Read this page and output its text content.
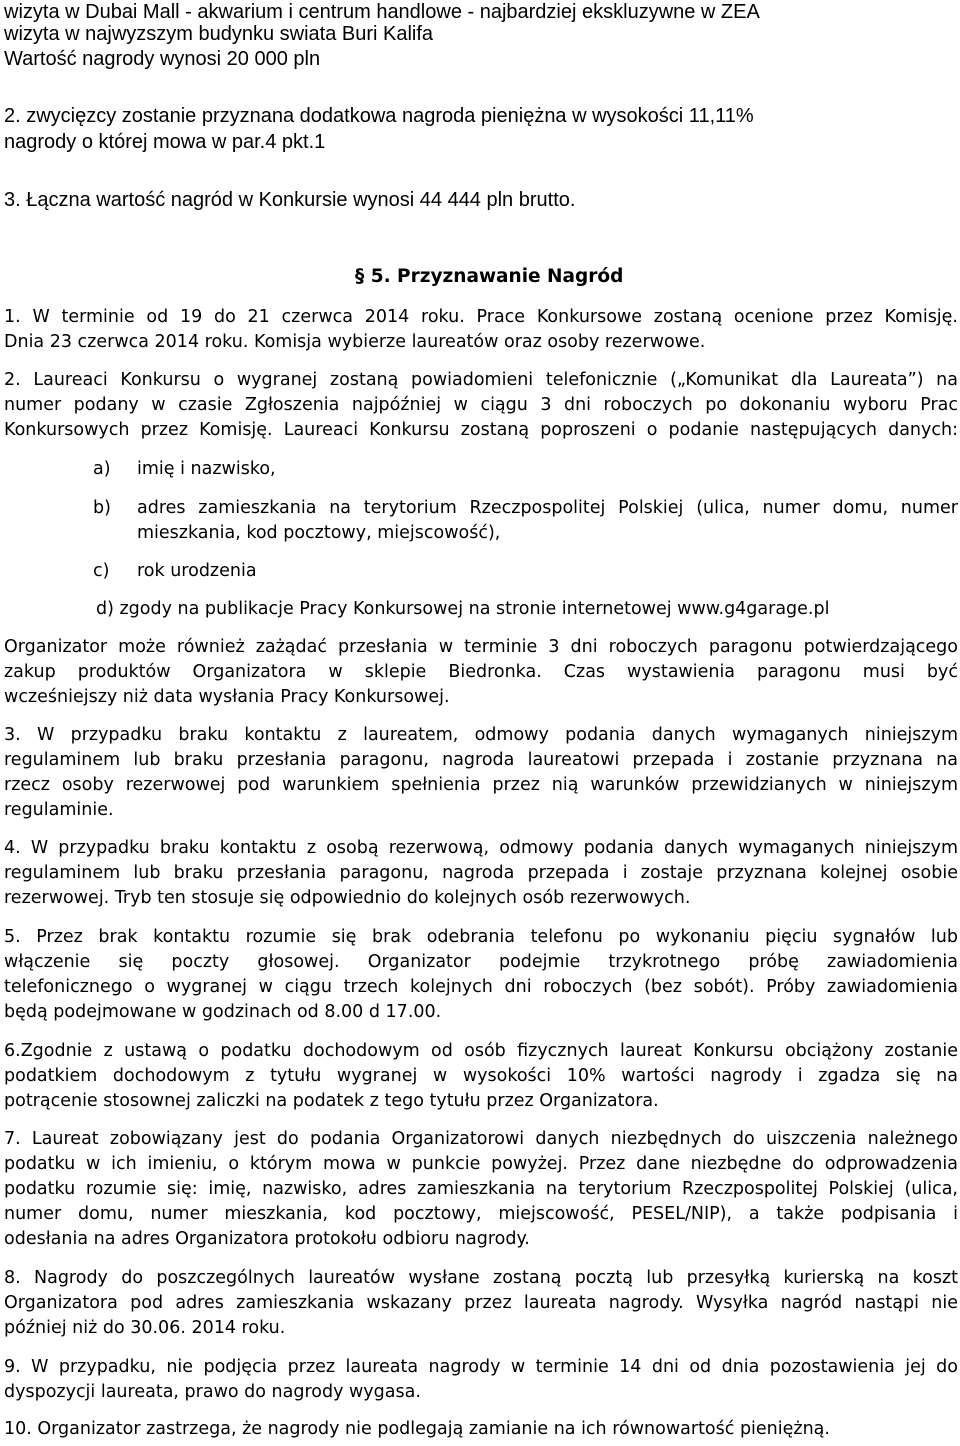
wizyta w Dubai Mall - akwarium i centrum handlowe - najbardziej ekskluzywne w ZEA
wizyta w najwyzszym budynku swiata Buri Kalifa
Wartość nagrody wynosi 20 000 pln
2. zwycięzcy zostanie przyznana dodatkowa nagroda pieniężna w wysokości 11,11%
nagrody o której mowa w par.4 pkt.1
3. Łączna wartość nagród w Konkursie wynosi 44 444 pln brutto.
§ 5. Przyznawanie Nagród
1. W terminie od 19 do 21 czerwca 2014 roku. Prace Konkursowe zostaną ocenione przez Komisję.
Dnia 23 czerwca 2014 roku. Komisja wybierze laureatów oraz osoby rezerwowe.
2. Laureaci Konkursu o wygranej zostaną powiadomieni telefonicznie („Komunikat dla Laureata”) na
numer podany w czasie Zgłoszenia najpóźniej w ciągu 3 dni roboczych po dokonaniu wyboru Prac
Konkursowych przez Komisję. Laureaci Konkursu zostaną poproszeni o podanie następujących danych:
a) imię i nazwisko,
b) adres zamieszkania na terytorium Rzeczpospolitej Polskiej (ulica, numer domu, numer
mieszkania, kod pocztowy, miejscowość),
c) rok urodzenia
d) zgody na publikacje Pracy Konkursowej na stronie internetowej www.g4garage.pl
Organizator może również zażądać przesłania w terminie 3 dni roboczych paragonu potwierdzającego
zakup produktów Organizatora w sklepie Biedronka. Czas wystawienia paragonu musi być
wcześniejszy niż data wysłania Pracy Konkursowej.
3. W przypadku braku kontaktu z laureatem, odmowy podania danych wymaganych niniejszym
regulaminem lub braku przesłania paragonu, nagroda laureatowi przepada i zostanie przyznana na
rzecz osoby rezerwowej pod warunkiem spełnienia przez nią warunków przewidzianych w niniejszym
regulaminie.
4. W przypadku braku kontaktu z osobą rezerwową, odmowy podania danych wymaganych niniejszym
regulaminem lub braku przesłania paragonu, nagroda przepada i zostaje przyznana kolejnej osobie
rezerwowej. Tryb ten stosuje się odpowiednio do kolejnych osób rezerwowych.
5. Przez brak kontaktu rozumie się brak odebrania telefonu po wykonaniu pięciu sygnałów lub
włączenie się poczty głosowej. Organizator podejmie trzykrotnego próbę zawiadomienia
telefonicznego o wygranej w ciągu trzech kolejnych dni roboczych (bez sobót). Próby zawiadomienia
będą podejmowane w godzinach od 8.00 d 17.00.
6.Zgodnie z ustawą o podatku dochodowym od osób fizycznych laureat Konkursu obciążony zostanie
podatkiem dochodowym z tytułu wygranej w wysokości 10% wartości nagrody i zgadza się na
potrącenie stosownej zaliczki na podatek z tego tytułu przez Organizatora.
7. Laureat zobowiązany jest do podania Organizatorowi danych niezbędnych do uiszczenia należnego
podatku w ich imieniu, o którym mowa w punkcie powyżej. Przez dane niezbędne do odprowadzenia
podatku rozumie się: imię, nazwisko, adres zamieszkania na terytorium Rzeczpospolitej Polskiej (ulica,
numer domu, numer mieszkania, kod pocztowy, miejscowość, PESEL/NIP), a także podpisania i
odesłania na adres Organizatora protokołu odbioru nagrody.
8. Nagrody do poszczególnych laureatów wysłane zostaną pocztą lub przesyłką kurierską na koszt
Organizatora pod adres zamieszkania wskazany przez laureata nagrody. Wysyłka nagród nastąpi nie
później niż do 30.06. 2014 roku.
9. W przypadku, nie podjęcia przez laureata nagrody w terminie 14 dni od dnia pozostawienia jej do
dyspozycji laureata, prawo do nagrody wygasa.
10. Organizator zastrzega, że nagrody nie podlegają zamianie na ich równowartość pieniężną.
